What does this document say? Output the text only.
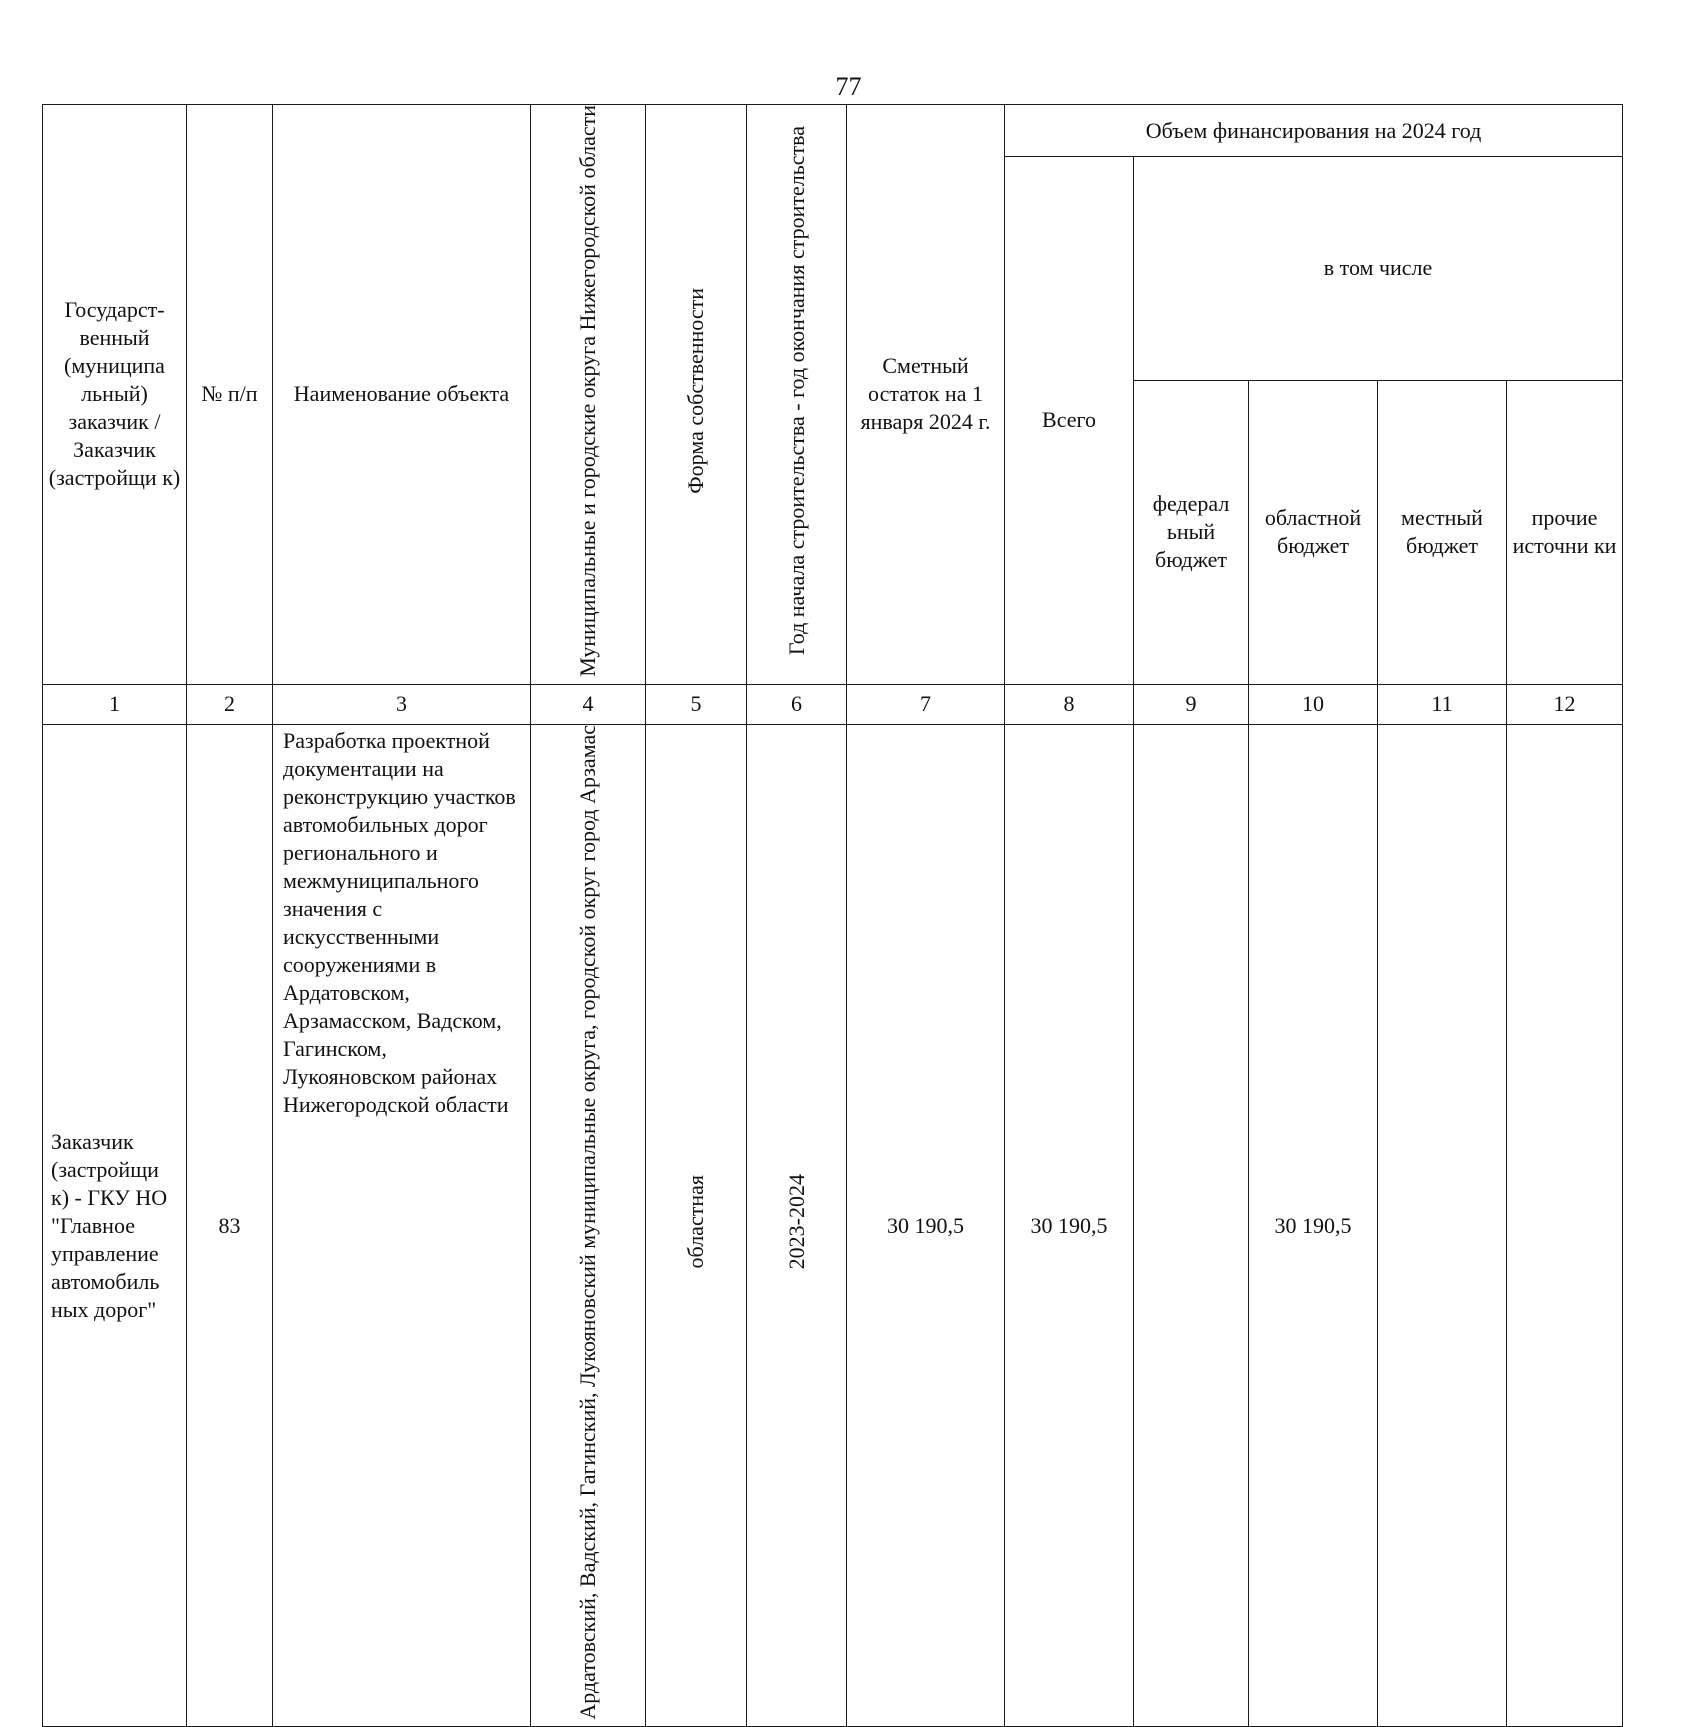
77
Государст-венный (муниципа льный) заказчик / Заказчик (застройщи к)	№ п/п	Наименование объекта	Муниципальные и городские округа Нижегородской области	Форма собственности	Год начала строительства - год окончания строительства	Сметный остаток на 1 января 2024 г.	Объем финансирования на 2024 год				
							Всего	в том числе			
								федерал ьный бюджет	областной бюджет	местный бюджет	прочие источни ки
1	2	3	4	5	6	7	8	9	10	11	12
Заказчик (застройщи к) - ГКУ НО "Главное управление автомобиль ных дорог"	83	Разработка проектной документации на реконструкцию участков автомобильных дорог регионального и межмуниципального значения с искусственными сооружениями в Ардатовском, Арзамасском, Вадском, Гагинском, Лукояновском районах Нижегородской области	Ардатовский, Вадский, Гагинский, Лукояновский муниципальные округа, городской округ город Арзамас	областная	2023-2024	30 190,5	30 190,5		30 190,5		
